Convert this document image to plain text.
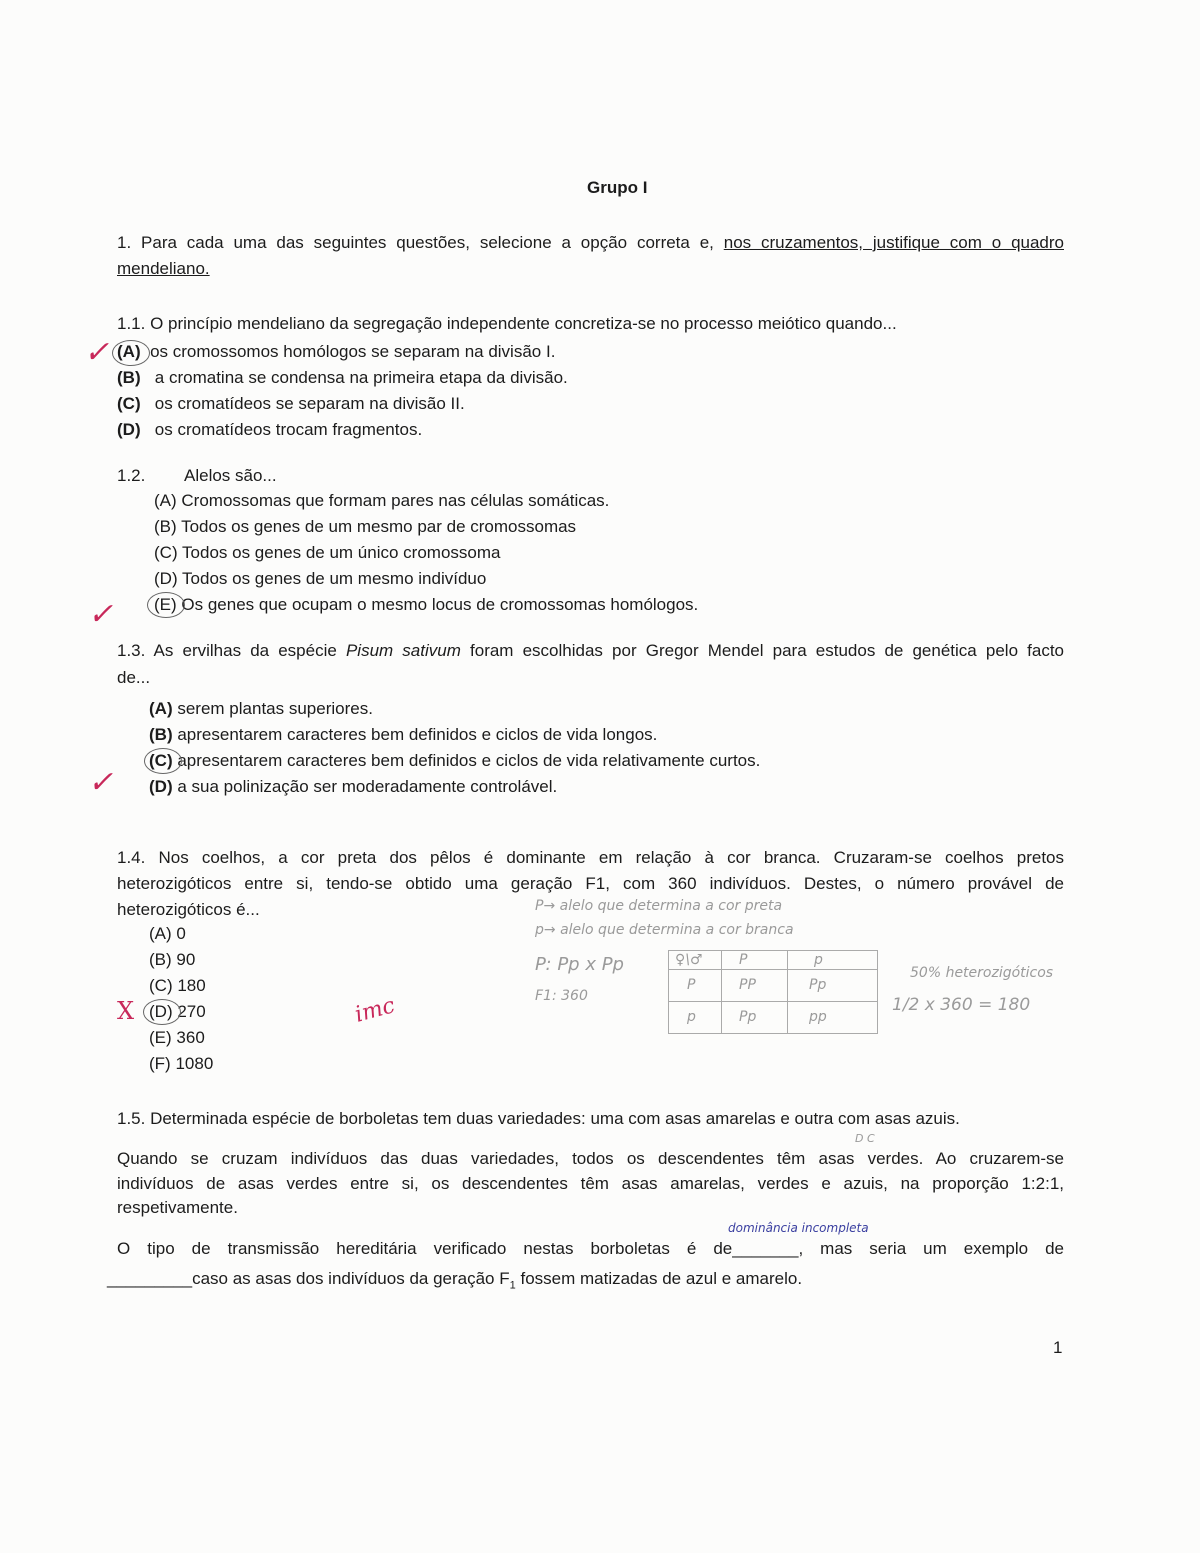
Grupo I
1. Para cada uma das seguintes questões, selecione a opção correta e, nos cruzamentos, justifique com o quadro
mendeliano.
1.1. O princípio mendeliano da segregação independente concretiza-se no processo meiótico quando...
(A) os cromossomos homólogos se separam na divisão I.
(B) a cromatina se condensa na primeira etapa da divisão.
(C) os cromatídeos se separam na divisão II.
(D) os cromatídeos trocam fragmentos.
✓
1.2. Alelos são...
(A) Cromossomas que formam pares nas células somáticas.
(B) Todos os genes de um mesmo par de cromossomas
(C) Todos os genes de um único cromossoma
(D) Todos os genes de um mesmo indivíduo
(E) Os genes que ocupam o mesmo locus de cromossomas homólogos.
✓
1.3. As ervilhas da espécie Pisum sativum foram escolhidas por Gregor Mendel para estudos de genética pelo facto
de...
(A) serem plantas superiores.
(B) apresentarem caracteres bem definidos e ciclos de vida longos.
(C) apresentarem caracteres bem definidos e ciclos de vida relativamente curtos.
(D) a sua polinização ser moderadamente controlável.
✓
1.4. Nos coelhos, a cor preta dos pêlos é dominante em relação à cor branca. Cruzaram-se coelhos pretos
heterozigóticos entre si, tendo-se obtido uma geração F1, com 360 indivíduos. Destes, o número provável de
heterozigóticos é...
(A) 0
(B) 90
(C) 180
(D) 270
(E) 360
(F) 1080
X	imc
P→ alelo que determina a cor preta
p→ alelo que determina a cor branca
P: Pp x Pp
F1: 360
♀\♂	P	p
P	PP	Pp
p	Pp	pp
50% heterozigóticos
1/2 x 360 = 180
1.5. Determinada espécie de borboletas tem duas variedades: uma com asas amarelas e outra com asas azuis.
D C
Quando se cruzam indivíduos das duas variedades, todos os descendentes têm asas verdes. Ao cruzarem-se
indivíduos de asas verdes entre si, os descendentes têm asas amarelas, verdes e azuis, na proporção 1:2:1,
respetivamente.
dominância incompleta
O tipo de transmissão hereditária verificado nestas borboletas é de_______, mas seria um exemplo de
_________caso as asas dos indivíduos da geração $F_1$ fossem matizadas de azul e amarelo.
1
